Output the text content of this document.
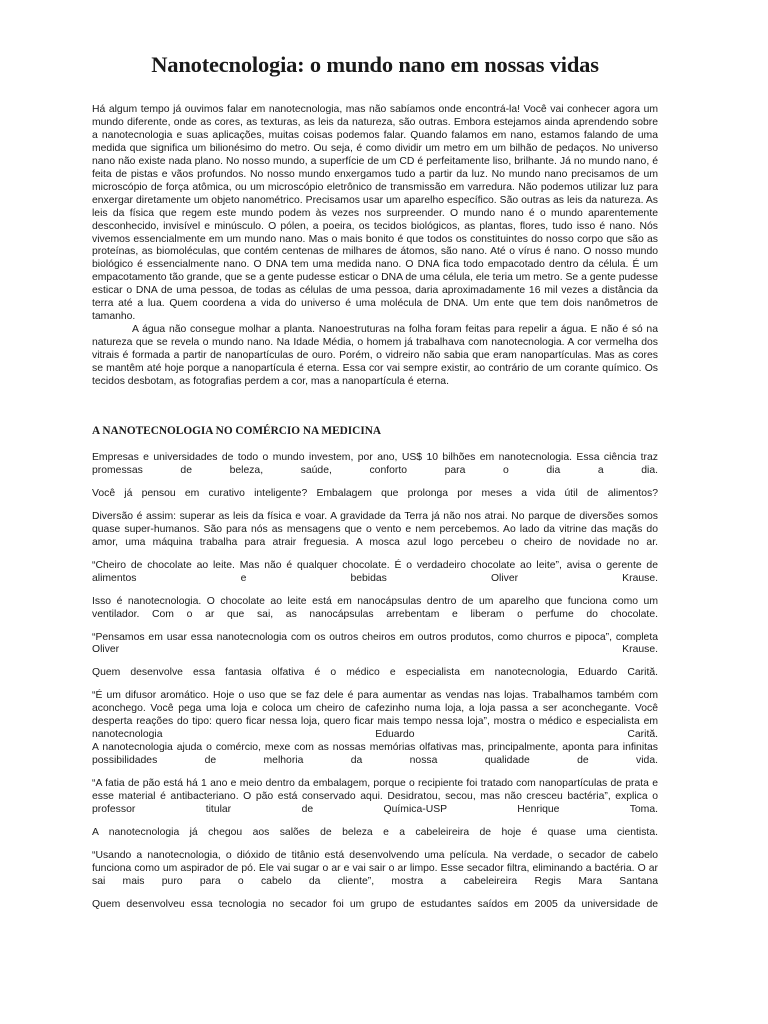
Nanotecnologia: o mundo nano em nossas vidas

Há algum tempo já ouvimos falar em nanotecnologia, mas não sabíamos onde encontrá-la! Você vai conhecer agora um mundo diferente, onde as cores, as texturas, as leis da natureza, são outras. Embora estejamos ainda aprendendo sobre a nanotecnologia e suas aplicações, muitas coisas podemos falar. Quando falamos em nano, estamos falando de uma medida que significa um bilionésimo do metro. Ou seja, é como dividir um metro em um bilhão de pedaços. No universo nano não existe nada plano. No nosso mundo, a superfície de um CD é perfeitamente liso, brilhante. Já no mundo nano, é feita de pistas e vãos profundos. No nosso mundo enxergamos tudo a partir da luz. No mundo nano precisamos de um microscópio de força atômica, ou um microscópio eletrônico de transmissão em varredura. Não podemos utilizar luz para enxergar diretamente um objeto nanométrico. Precisamos usar um aparelho específico. São outras as leis da natureza. As leis da física que regem este mundo podem às vezes nos surpreender. O mundo nano é o mundo aparentemente desconhecido, invisível e minúsculo. O pólen, a poeira, os tecidos biológicos, as plantas, flores, tudo isso é nano. Nós vivemos essencialmente em um mundo nano. Mas o mais bonito é que todos os constituintes do nosso corpo que são as proteínas, as biomoléculas, que contém centenas de milhares de átomos, são nano. Até o vírus é nano. O nosso mundo biológico é essencialmente nano. O DNA tem uma medida nano. O DNA fica todo empacotado dentro da célula. É um empacotamento tão grande, que se a gente pudesse esticar o DNA de uma célula, ele teria um metro. Se a gente pudesse esticar o DNA de uma pessoa, de todas as células de uma pessoa, daria aproximadamente 16 mil vezes a distância da terra até a lua. Quem coordena a vida do universo é uma molécula de DNA. Um ente que tem dois nanômetros de tamanho.

A água não consegue molhar a planta. Nanoestruturas na folha foram feitas para repelir a água. E não é só na natureza que se revela o mundo nano. Na Idade Média, o homem já trabalhava com nanotecnologia. A cor vermelha dos vitrais é formada a partir de nanopartículas de ouro. Porém, o vidreiro não sabia que eram nanopartículas. Mas as cores se mantêm até hoje porque a nanopartícula é eterna. Essa cor vai sempre existir, ao contrário de um corante químico. Os tecidos desbotam, as fotografias perdem a cor, mas a nanopartícula é eterna.

A NANOTECNOLOGIA NO COMÉRCIO NA MEDICINA

Empresas e universidades de todo o mundo investem, por ano, US$ 10 bilhões em nanotecnologia. Essa ciência traz promessas de beleza, saúde, conforto para o dia a dia.

Você já pensou em curativo inteligente? Embalagem que prolonga por meses a vida útil de alimentos?

Diversão é assim: superar as leis da física e voar. A gravidade da Terra já não nos atrai. No parque de diversões somos quase super-humanos. São para nós as mensagens que o vento e nem percebemos. Ao lado da vitrine das maçãs do amor, uma máquina trabalha para atrair freguesia. A mosca azul logo percebeu o cheiro de novidade no ar.

“Cheiro de chocolate ao leite. Mas não é qualquer chocolate. É o verdadeiro chocolate ao leite”, avisa o gerente de alimentos e bebidas Oliver Krause.

Isso é nanotecnologia. O chocolate ao leite está em nanocápsulas dentro de um aparelho que funciona como um ventilador. Com o ar que sai, as nanocápsulas arrebentam e liberam o perfume do chocolate.

“Pensamos em usar essa nanotecnologia com os outros cheiros em outros produtos, como churros e pipoca”, completa Oliver Krause.

Quem desenvolve essa fantasia olfativa é o médico e especialista em nanotecnologia, Eduardo Carită.

“É um difusor aromático. Hoje o uso que se faz dele é para aumentar as vendas nas lojas. Trabalhamos também com aconchego. Você pega uma loja e coloca um cheiro de cafezinho numa loja, a loja passa a ser aconchegante. Você desperta reações do tipo: quero ficar nessa loja, quero ficar mais tempo nessa loja”, mostra o médico e especialista em nanotecnologia Eduardo Carită.

A nanotecnologia ajuda o comércio, mexe com as nossas memórias olfativas mas, principalmente, aponta para infinitas possibilidades de melhoria da nossa qualidade de vida.

“A fatia de pão está há 1 ano e meio dentro da embalagem, porque o recipiente foi tratado com nanopartículas de prata e esse material é antibacteriano. O pão está conservado aqui. Desidratou, secou, mas não cresceu bactéria”, explica o professor titular de Química-USP Henrique Toma.

A nanotecnologia já chegou aos salões de beleza e a cabeleireira de hoje é quase uma cientista.

“Usando a nanotecnologia, o dióxido de titânio está desenvolvendo uma película. Na verdade, o secador de cabelo funciona como um aspirador de pó. Ele vai sugar o ar e vai sair o ar limpo. Esse secador filtra, eliminando a bactéria. O ar sai mais puro para o cabelo da cliente”, mostra a cabeleireira Regis Mara Santana

Quem desenvolveu essa tecnologia no secador foi um grupo de estudantes saídos em 2005 da universidade de
